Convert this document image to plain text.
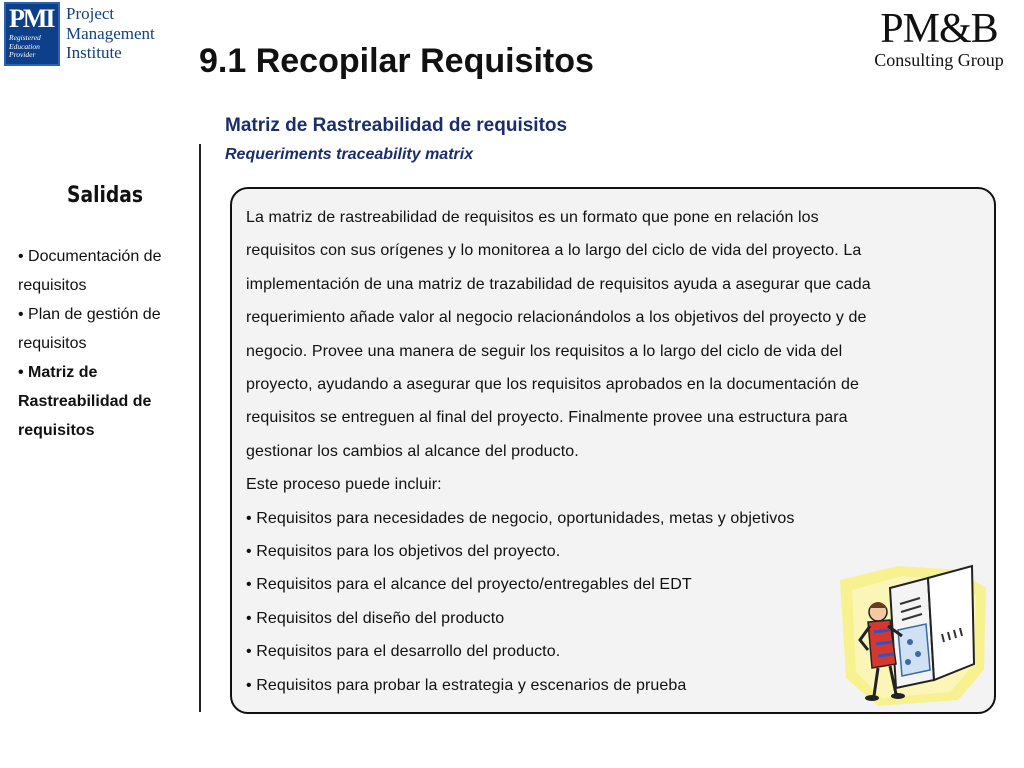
PMI
Registered
Education
Provider
Project
Management
Institute
PM&B
Consulting Group
9.1 Recopilar Requisitos
Matriz de Rastreabilidad de requisitos
Requeriments traceability matrix
Salidas
• Documentación de
requisitos
• Plan de gestión de
requisitos
• Matriz de
Rastreabilidad de
requisitos
La matriz de rastreabilidad de requisitos es un formato que pone en relación los
requisitos con sus orígenes y lo monitorea a lo largo del ciclo de vida del proyecto. La
implementación de una matriz de trazabilidad de requisitos ayuda a asegurar que cada
requerimiento añade valor al negocio relacionándolos a los objetivos del proyecto y de
negocio. Provee una manera de seguir los requisitos a lo largo del ciclo de vida del
proyecto, ayudando a asegurar que los requisitos aprobados en la documentación de
requisitos se entreguen al final del proyecto. Finalmente provee una estructura para
gestionar los cambios al alcance del producto.
Este proceso puede incluir:
• Requisitos para necesidades de negocio, oportunidades, metas y objetivos
• Requisitos para los objetivos del proyecto.
• Requisitos para el alcance del proyecto/entregables del EDT
• Requisitos del diseño del producto
• Requisitos para el desarrollo del producto.
• Requisitos para probar la estrategia y escenarios de prueba
